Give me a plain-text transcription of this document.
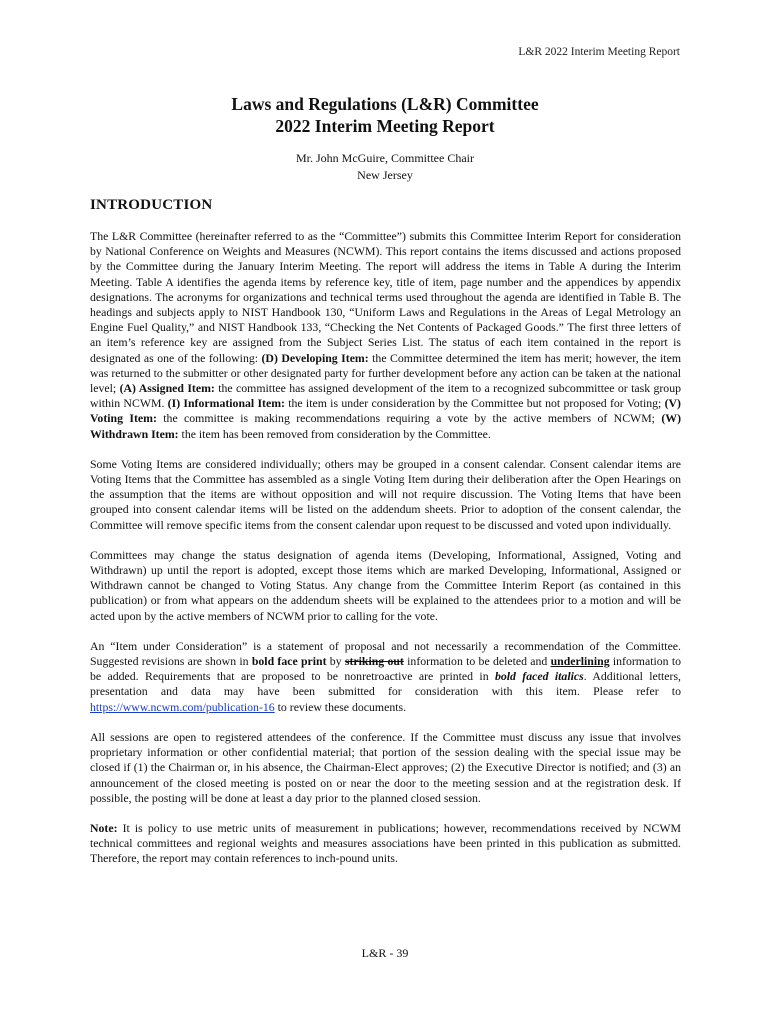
L&R 2022 Interim Meeting Report
Laws and Regulations (L&R) Committee
2022 Interim Meeting Report
Mr. John McGuire, Committee Chair
New Jersey
INTRODUCTION

The L&R Committee (hereinafter referred to as the “Committee”) submits this Committee Interim Report for consideration by National Conference on Weights and Measures (NCWM). This report contains the items discussed and actions proposed by the Committee during the January Interim Meeting. The report will address the items in Table A during the Interim Meeting. Table A identifies the agenda items by reference key, title of item, page number and the appendices by appendix designations. The acronyms for organizations and technical terms used throughout the agenda are identified in Table B. The headings and subjects apply to NIST Handbook 130, “Uniform Laws and Regulations in the Areas of Legal Metrology an Engine Fuel Quality,” and NIST Handbook 133, “Checking the Net Contents of Packaged Goods.” The first three letters of an item’s reference key are assigned from the Subject Series List. The status of each item contained in the report is designated as one of the following: (D) Developing Item: the Committee determined the item has merit; however, the item was returned to the submitter or other designated party for further development before any action can be taken at the national level; (A) Assigned Item: the committee has assigned development of the item to a recognized subcommittee or task group within NCWM. (I) Informational Item: the item is under consideration by the Committee but not proposed for Voting; (V) Voting Item: the committee is making recommendations requiring a vote by the active members of NCWM; (W) Withdrawn Item: the item has been removed from consideration by the Committee.

Some Voting Items are considered individually; others may be grouped in a consent calendar. Consent calendar items are Voting Items that the Committee has assembled as a single Voting Item during their deliberation after the Open Hearings on the assumption that the items are without opposition and will not require discussion. The Voting Items that have been grouped into consent calendar items will be listed on the addendum sheets. Prior to adoption of the consent calendar, the Committee will remove specific items from the consent calendar upon request to be discussed and voted upon individually.

Committees may change the status designation of agenda items (Developing, Informational, Assigned, Voting and Withdrawn) up until the report is adopted, except those items which are marked Developing, Informational, Assigned or Withdrawn cannot be changed to Voting Status. Any change from the Committee Interim Report (as contained in this publication) or from what appears on the addendum sheets will be explained to the attendees prior to a motion and will be acted upon by the active members of NCWM prior to calling for the vote.

An “Item under Consideration” is a statement of proposal and not necessarily a recommendation of the Committee. Suggested revisions are shown in bold face print by striking out information to be deleted and underlining information to be added. Requirements that are proposed to be nonretroactive are printed in bold faced italics. Additional letters, presentation and data may have been submitted for consideration with this item. Please refer to https://www.ncwm.com/publication-16 to review these documents.

All sessions are open to registered attendees of the conference. If the Committee must discuss any issue that involves proprietary information or other confidential material; that portion of the session dealing with the special issue may be closed if (1) the Chairman or, in his absence, the Chairman-Elect approves; (2) the Executive Director is notified; and (3) an announcement of the closed meeting is posted on or near the door to the meeting session and at the registration desk. If possible, the posting will be done at least a day prior to the planned closed session.

Note: It is policy to use metric units of measurement in publications; however, recommendations received by NCWM technical committees and regional weights and measures associations have been printed in this publication as submitted. Therefore, the report may contain references to inch-pound units.

L&R - 39
